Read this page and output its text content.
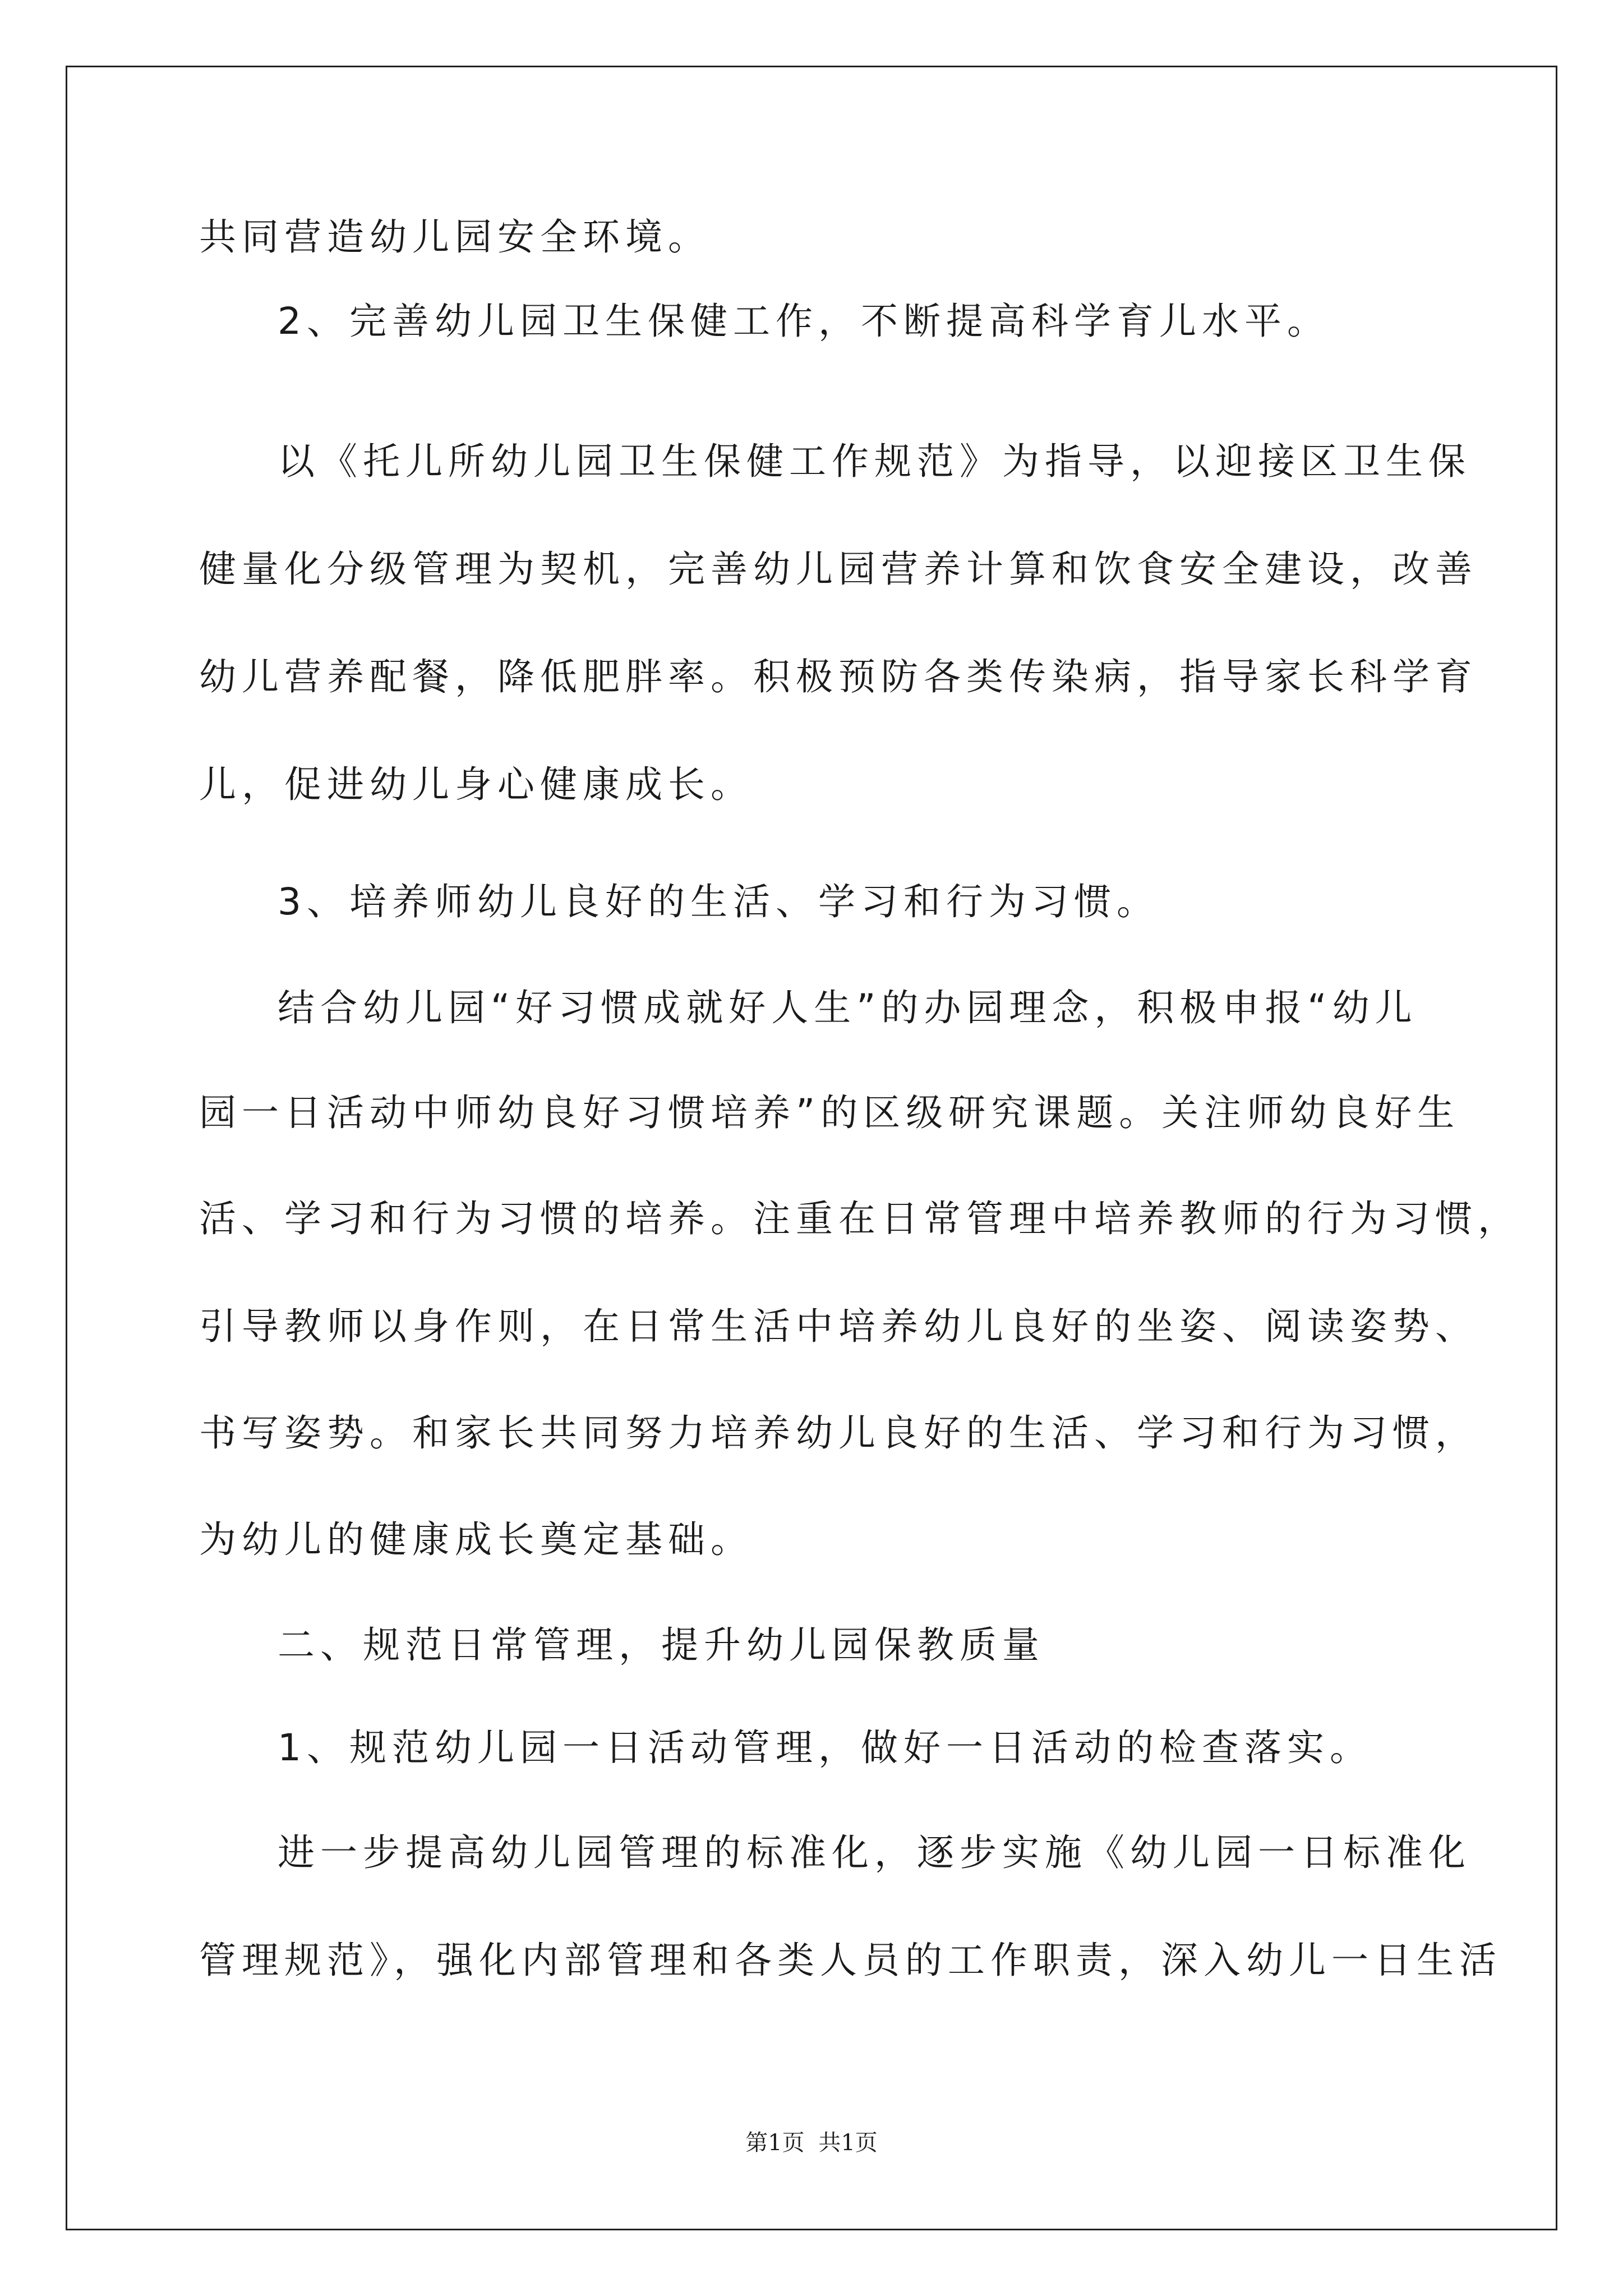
共同营造幼儿园安全环境。
2、完善幼儿园卫生保健工作，不断提高科学育儿水平。
以《托儿所幼儿园卫生保健工作规范》为指导，以迎接区卫生保
健量化分级管理为契机，完善幼儿园营养计算和饮食安全建设，改善
幼儿营养配餐，降低肥胖率。积极预防各类传染病，指导家长科学育
儿，促进幼儿身心健康成长。
3、培养师幼儿良好的生活、学习和行为习惯。
结合幼儿园“好习惯成就好人生”的办园理念，积极申报“幼儿
园一日活动中师幼良好习惯培养”的区级研究课题。关注师幼良好生
活、学习和行为习惯的培养。注重在日常管理中培养教师的行为习惯，
引导教师以身作则，在日常生活中培养幼儿良好的坐姿、阅读姿势、
书写姿势。和家长共同努力培养幼儿良好的生活、学习和行为习惯，
为幼儿的健康成长奠定基础。
二、规范日常管理，提升幼儿园保教质量
1、规范幼儿园一日活动管理，做好一日活动的检查落实。
进一步提高幼儿园管理的标准化，逐步实施《幼儿园一日标准化
管理规范》，强化内部管理和各类人员的工作职责，深入幼儿一日生活
第1页 共1页
